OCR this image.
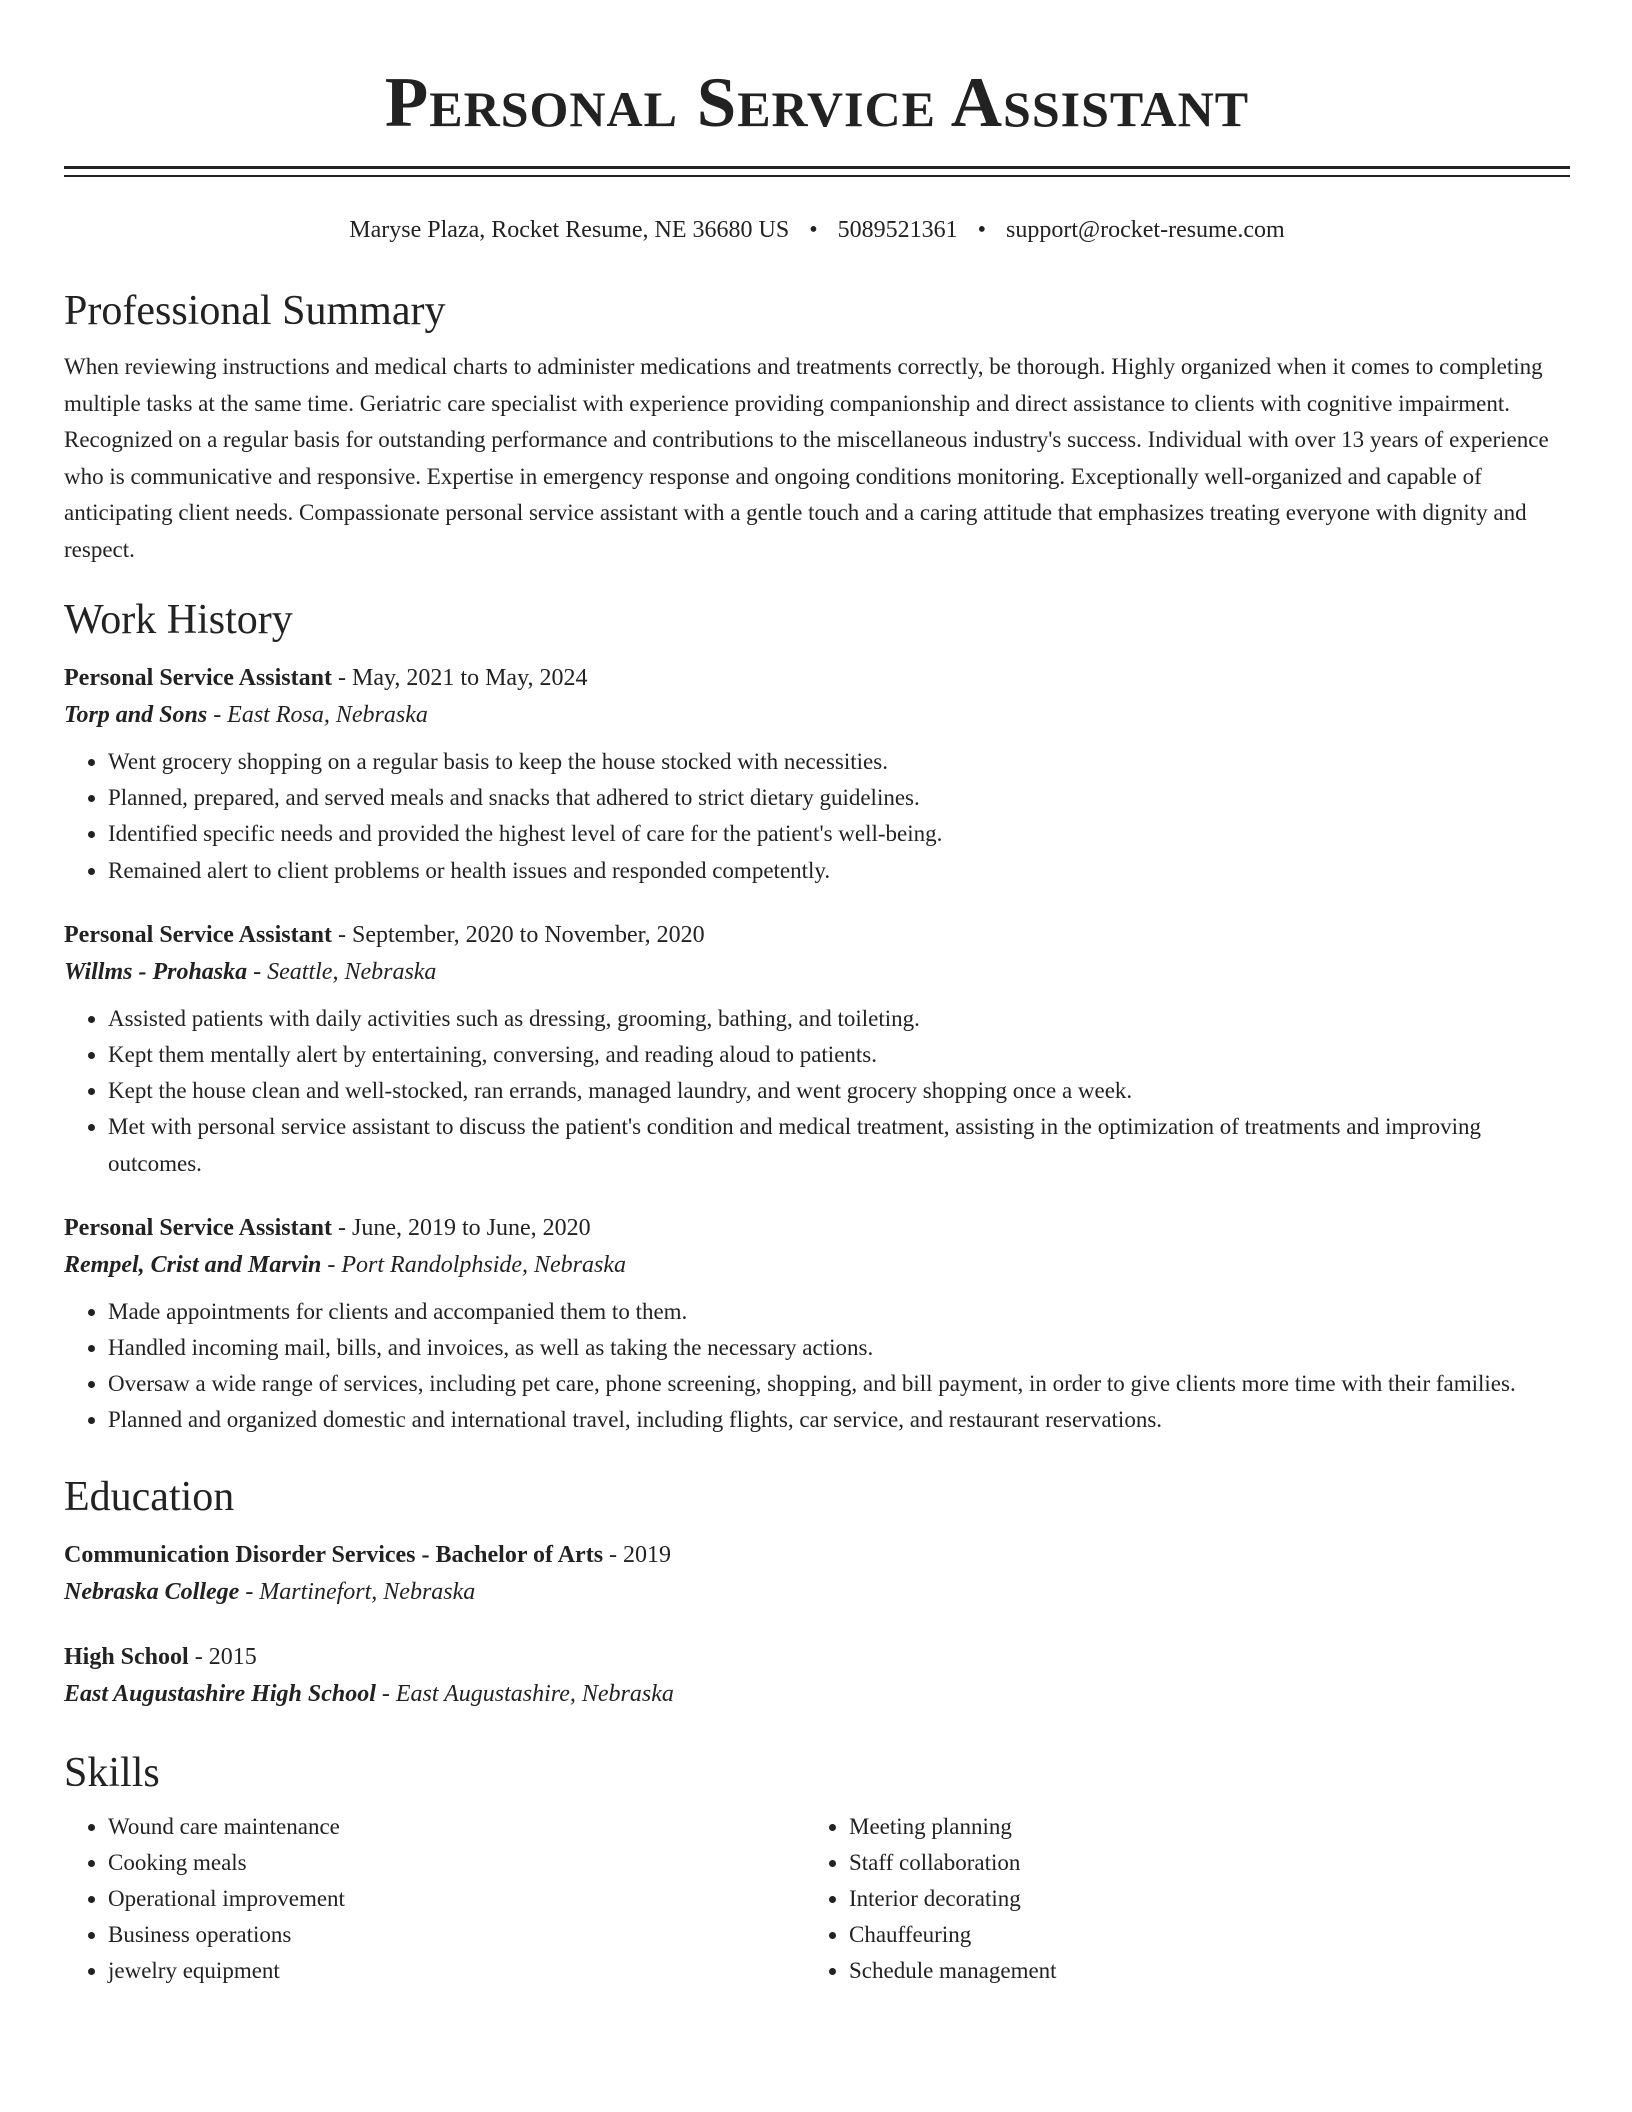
Personal Service Assistant
Maryse Plaza, Rocket Resume, NE 36680 US • 5089521361 • support@rocket-resume.com
Professional Summary

When reviewing instructions and medical charts to administer medications and treatments correctly, be thorough. Highly organized when it comes to completing multiple tasks at the same time. Geriatric care specialist with experience providing companionship and direct assistance to clients with cognitive impairment. Recognized on a regular basis for outstanding performance and contributions to the miscellaneous industry's success. Individual with over 13 years of experience who is communicative and responsive. Expertise in emergency response and ongoing conditions monitoring. Exceptionally well-organized and capable of anticipating client needs. Compassionate personal service assistant with a gentle touch and a caring attitude that emphasizes treating everyone with dignity and respect.

Work History
Personal Service Assistant - May, 2021 to May, 2024
Torp and Sons - East Rosa, Nebraska
• Went grocery shopping on a regular basis to keep the house stocked with necessities.
• Planned, prepared, and served meals and snacks that adhered to strict dietary guidelines.
• Identified specific needs and provided the highest level of care for the patient's well-being.
• Remained alert to client problems or health issues and responded competently.
Personal Service Assistant - September, 2020 to November, 2020
Willms - Prohaska - Seattle, Nebraska
• Assisted patients with daily activities such as dressing, grooming, bathing, and toileting.
• Kept them mentally alert by entertaining, conversing, and reading aloud to patients.
• Kept the house clean and well-stocked, ran errands, managed laundry, and went grocery shopping once a week.
• Met with personal service assistant to discuss the patient's condition and medical treatment, assisting in the optimization of treatments and improving outcomes.
Personal Service Assistant - June, 2019 to June, 2020
Rempel, Crist and Marvin - Port Randolphside, Nebraska
• Made appointments for clients and accompanied them to them.
• Handled incoming mail, bills, and invoices, as well as taking the necessary actions.
• Oversaw a wide range of services, including pet care, phone screening, shopping, and bill payment, in order to give clients more time with their families.
• Planned and organized domestic and international travel, including flights, car service, and restaurant reservations.
Education
Communication Disorder Services - Bachelor of Arts - 2019
Nebraska College - Martinefort, Nebraska
High School - 2015
East Augustashire High School - East Augustashire, Nebraska
Skills
• Wound care maintenance
• Cooking meals
• Operational improvement
• Business operations
• jewelry equipment
• Meeting planning
• Staff collaboration
• Interior decorating
• Chauffeuring
• Schedule management
